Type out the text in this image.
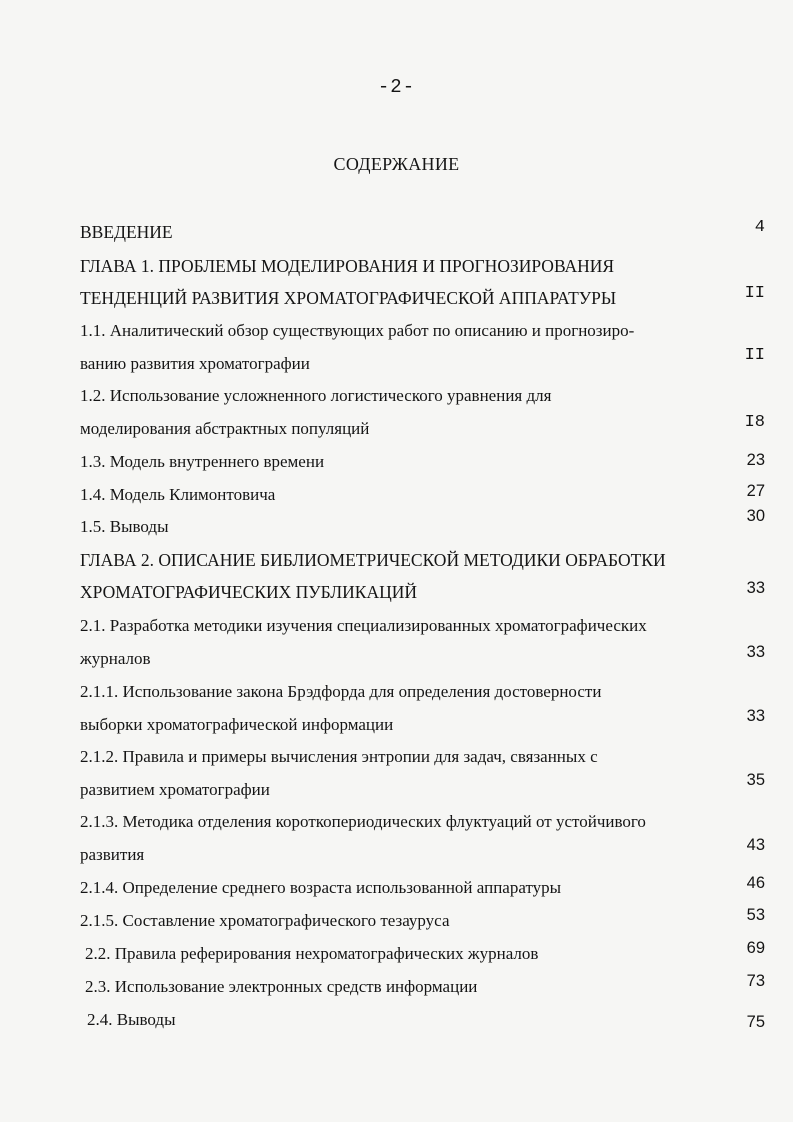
-2-
СОДЕРЖАНИЕ
ВВЕДЕНИЕ
ГЛАВА 1. ПРОБЛЕМЫ МОДЕЛИРОВАНИЯ И ПРОГНОЗИРОВАНИЯ
ТЕНДЕНЦИЙ РАЗВИТИЯ ХРОМАТОГРАФИЧЕСКОЙ АППАРАТУРЫ
1.1. Аналитический обзор существующих работ по описанию и прогнозиро-
ванию развития хроматографии
1.2. Использование усложненного логистического уравнения для
моделирования абстрактных популяций
1.3. Модель внутреннего времени
1.4. Модель Климонтовича
1.5. Выводы
ГЛАВА 2. ОПИСАНИЕ БИБЛИОМЕТРИЧЕСКОЙ МЕТОДИКИ ОБРАБОТКИ
ХРОМАТОГРАФИЧЕСКИХ ПУБЛИКАЦИЙ
2.1. Разработка методики изучения специализированных хроматографических
журналов
2.1.1. Использование закона Брэдфорда для определения достоверности
выборки хроматографической информации
2.1.2. Правила и примеры вычисления энтропии для задач, связанных с
развитием хроматографии
2.1.3. Методика отделения короткопериодических флуктуаций от устойчивого
развития
2.1.4. Определение среднего возраста использованной аппаратуры
2.1.5. Составление хроматографического тезауруса
2.2. Правила реферирования нехроматографических журналов
2.3. Использование электронных средств информации
2.4. Выводы
4
II
II
I8
23
27
30
33
33
33
35
43
46
53
69
73
75
